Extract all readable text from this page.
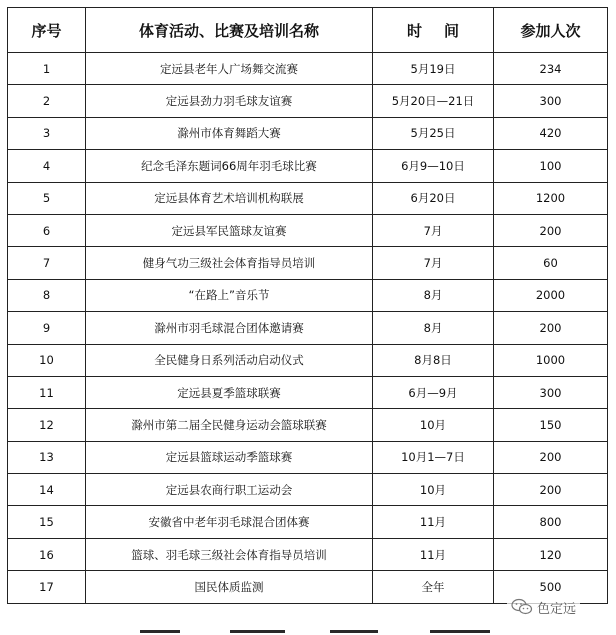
序号	体育活动、比赛及培训名称	时间	参加人次
1	定远县老年人广场舞交流赛	5月19日	234
2	定远县劲力羽毛球友谊赛	5月20日—21日	300
3	滁州市体育舞蹈大赛	5月25日	420
4	纪念毛泽东题词66周年羽毛球比赛	6月9—10日	100
5	定远县体育艺术培训机构联展	6月20日	1200
6	定远县军民篮球友谊赛	7月	200
7	健身气功三级社会体育指导员培训	7月	60
8	“在路上”音乐节	8月	2000
9	滁州市羽毛球混合团体邀请赛	8月	200
10	全民健身日系列活动启动仪式	8月8日	1000
11	定远县夏季篮球联赛	6月—9月	300
12	滁州市第二届全民健身运动会篮球联赛	10月	150
13	定远县篮球运动季篮球赛	10月1—7日	200
14	定远县农商行职工运动会	10月	200
15	安徽省中老年羽毛球混合团体赛	11月	800
16	篮球、羽毛球三级社会体育指导员培训	11月	120
17	国民体质监测	全年	500
色定远
